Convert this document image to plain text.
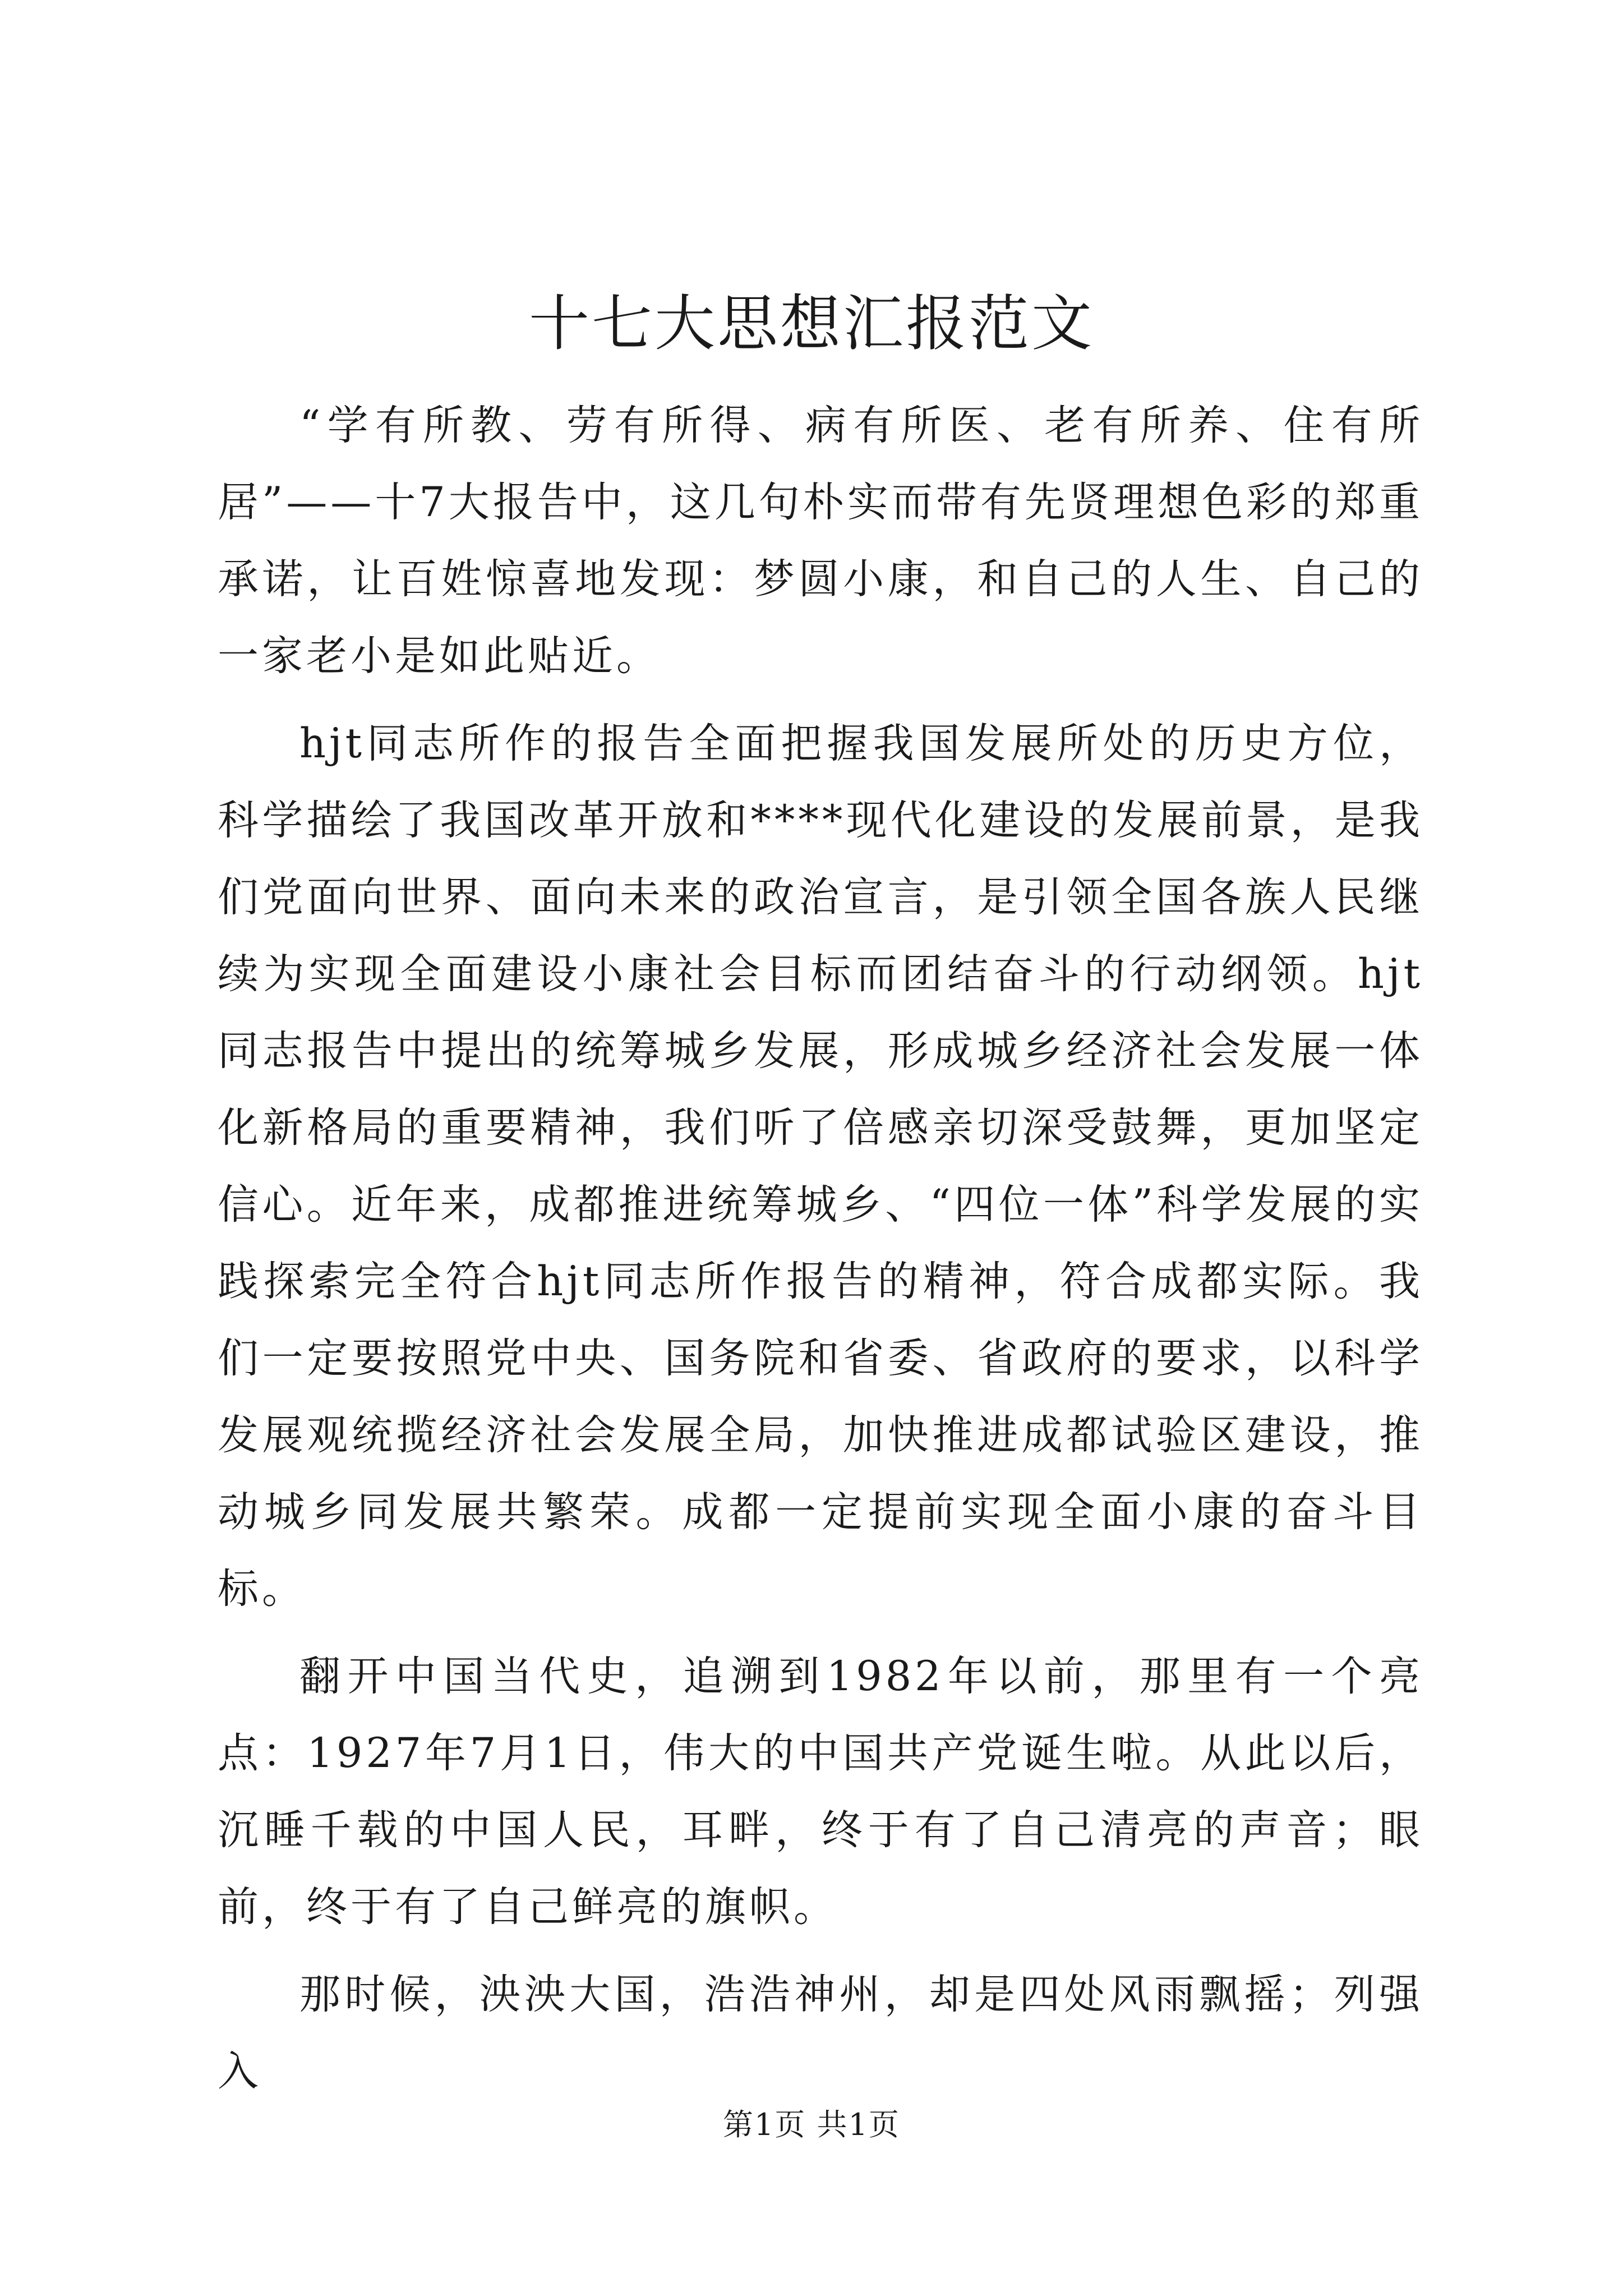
十七大思想汇报范文

“学有所教、劳有所得、病有所医、老有所养、住有所居”——十7大报告中，这几句朴实而带有先贤理想色彩的郑重承诺，让百姓惊喜地发现：梦圆小康，和自己的人生、自己的一家老小是如此贴近。

hjt同志所作的报告全面把握我国发展所处的历史方位，科学描绘了我国改革开放和****现代化建设的发展前景，是我们党面向世界、面向未来的政治宣言，是引领全国各族人民继续为实现全面建设小康社会目标而团结奋斗的行动纲领。hjt同志报告中提出的统筹城乡发展，形成城乡经济社会发展一体化新格局的重要精神，我们听了倍感亲切深受鼓舞，更加坚定信心。近年来，成都推进统筹城乡、“四位一体”科学发展的实践探索完全符合hjt同志所作报告的精神，符合成都实际。我们一定要按照党中央、国务院和省委、省政府的要求，以科学发展观统揽经济社会发展全局，加快推进成都试验区建设，推动城乡同发展共繁荣。成都一定提前实现全面小康的奋斗目标。

翻开中国当代史，追溯到1982年以前，那里有一个亮点：1927年7月1日，伟大的中国共产党诞生啦。从此以后，沉睡千载的中国人民，耳畔，终于有了自己清亮的声音；眼前，终于有了自己鲜亮的旗帜。

那时候，泱泱大国，浩浩神州，却是四处风雨飘摇；列强入

第1页 共1页
